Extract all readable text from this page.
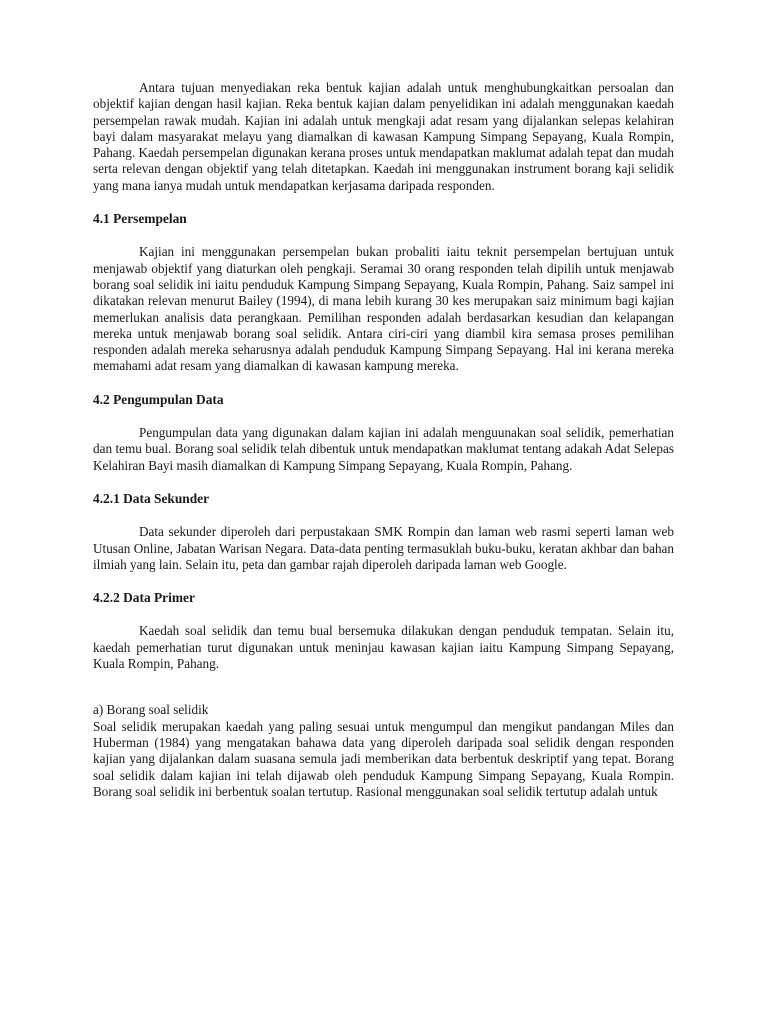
Antara tujuan menyediakan reka bentuk kajian adalah untuk menghubungkaitkan persoalan dan objektif kajian dengan hasil kajian. Reka bentuk kajian dalam penyelidikan ini adalah menggunakan kaedah persempelan rawak mudah. Kajian ini adalah untuk mengkaji adat resam yang dijalankan selepas kelahiran bayi dalam masyarakat melayu yang diamalkan di kawasan Kampung Simpang Sepayang, Kuala Rompin, Pahang. Kaedah persempelan digunakan kerana proses untuk mendapatkan maklumat adalah tepat dan mudah serta relevan dengan objektif yang telah ditetapkan. Kaedah ini menggunakan instrument borang kaji selidik yang mana ianya mudah untuk mendapatkan kerjasama daripada responden.

4.1 Persempelan

Kajian ini menggunakan persempelan bukan probaliti iaitu teknit persempelan bertujuan untuk menjawab objektif yang diaturkan oleh pengkaji. Seramai 30 orang responden telah dipilih untuk menjawab borang soal selidik ini iaitu penduduk Kampung Simpang Sepayang, Kuala Rompin, Pahang. Saiz sampel ini dikatakan relevan menurut Bailey (1994), di mana lebih kurang 30 kes merupakan saiz minimum bagi kajian memerlukan analisis data perangkaan. Pemilihan responden adalah berdasarkan kesudian dan kelapangan mereka untuk menjawab borang soal selidik. Antara ciri-ciri yang diambil kira semasa proses pemilihan responden adalah mereka seharusnya adalah penduduk Kampung Simpang Sepayang. Hal ini kerana mereka memahami adat resam yang diamalkan di kawasan kampung mereka.

4.2 Pengumpulan Data

Pengumpulan data yang digunakan dalam kajian ini adalah menguunakan soal selidik, pemerhatian dan temu bual. Borang soal selidik telah dibentuk untuk mendapatkan maklumat tentang adakah Adat Selepas Kelahiran Bayi masih diamalkan di Kampung Simpang Sepayang, Kuala Rompin, Pahang.

4.2.1 Data Sekunder

Data sekunder diperoleh dari perpustakaan SMK Rompin dan laman web rasmi seperti laman web Utusan Online, Jabatan Warisan Negara. Data-data penting termasuklah buku-buku, keratan akhbar dan bahan ilmiah yang lain. Selain itu, peta dan gambar rajah diperoleh daripada laman web Google.

4.2.2 Data Primer

Kaedah soal selidik dan temu bual bersemuka dilakukan dengan penduduk tempatan. Selain itu, kaedah pemerhatian turut digunakan untuk meninjau kawasan kajian iaitu Kampung Simpang Sepayang, Kuala Rompin, Pahang.

a) Borang soal selidik

Soal selidik merupakan kaedah yang paling sesuai untuk mengumpul dan mengikut pandangan Miles dan Huberman (1984) yang mengatakan bahawa data yang diperoleh daripada soal selidik dengan responden kajian yang dijalankan dalam suasana semula jadi memberikan data berbentuk deskriptif yang tepat. Borang soal selidik dalam kajian ini telah dijawab oleh penduduk Kampung Simpang Sepayang, Kuala Rompin. Borang soal selidik ini berbentuk soalan tertutup. Rasional menggunakan soal selidik tertutup adalah untuk
